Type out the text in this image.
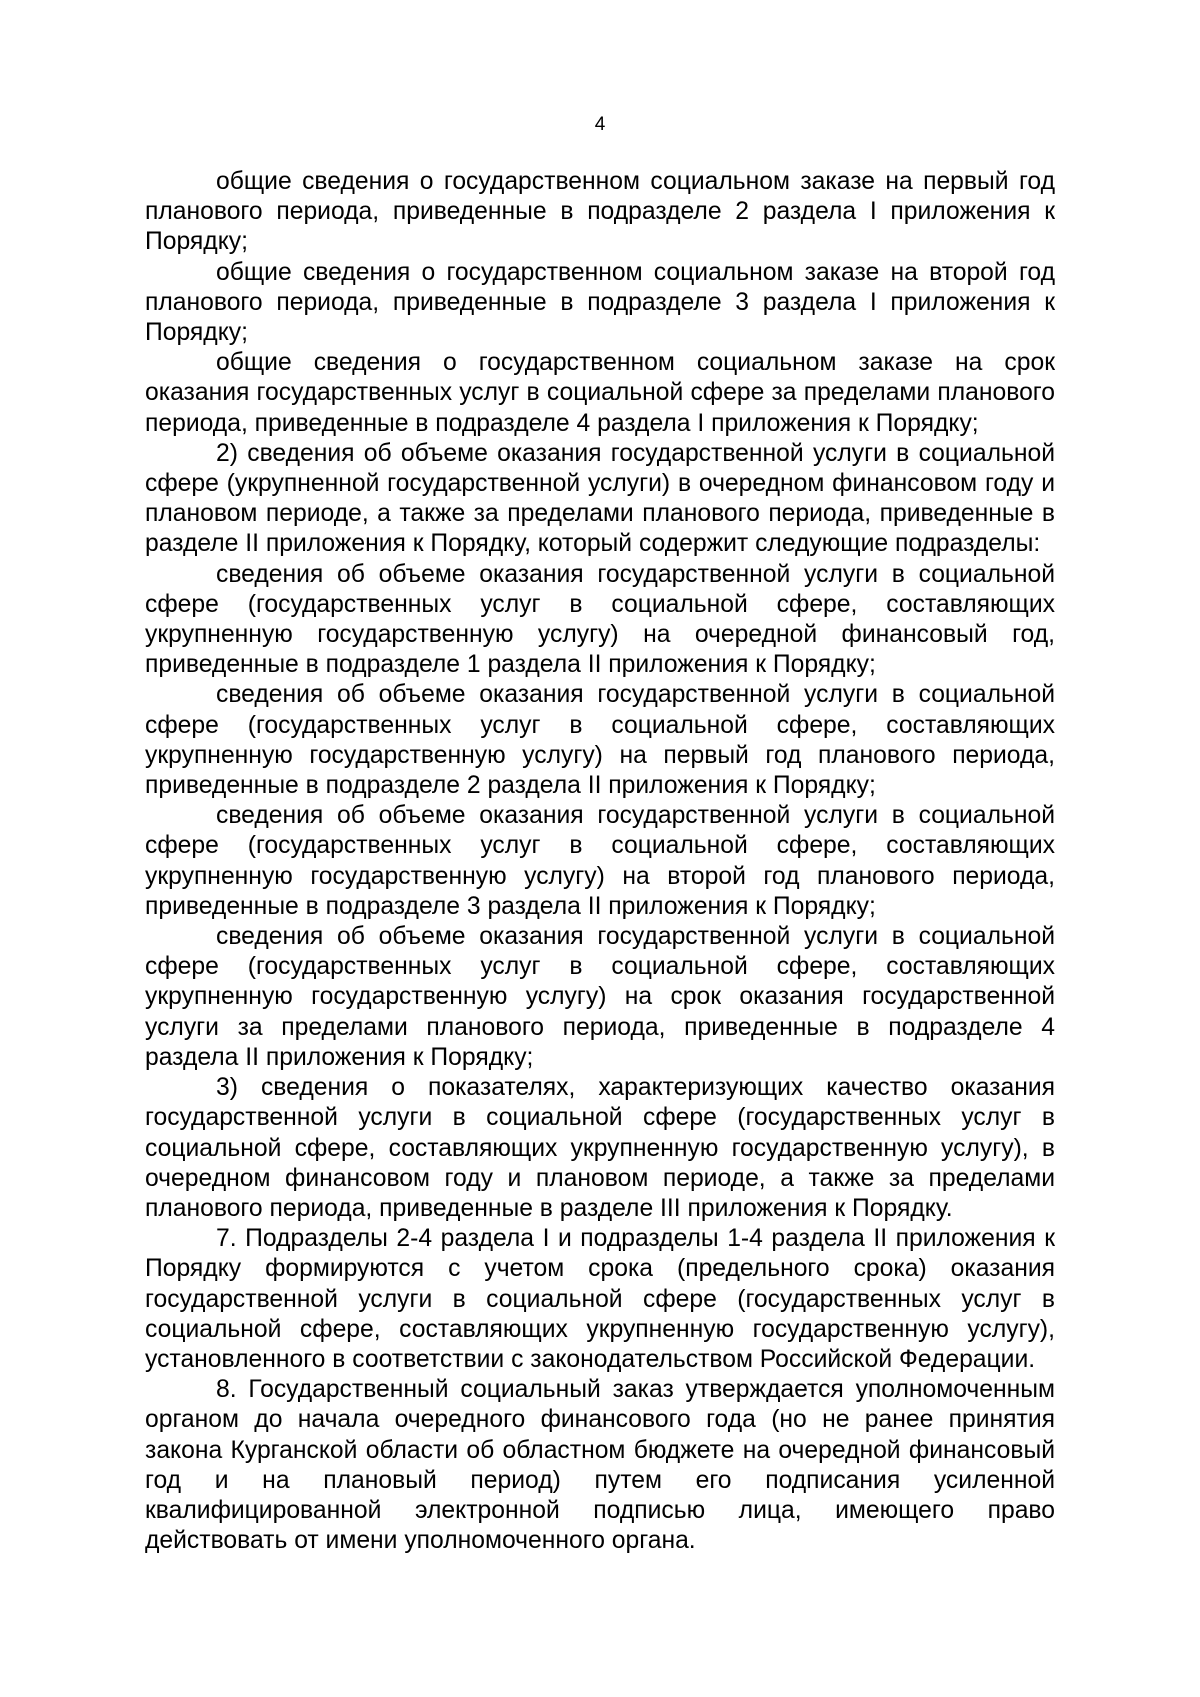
4

общие сведения о государственном социальном заказе на первый год планового периода, приведенные в подразделе 2 раздела I приложения к Порядку;

общие сведения о государственном социальном заказе на второй год планового периода, приведенные в подразделе 3 раздела I приложения к Порядку;

общие сведения о государственном социальном заказе на срок оказания государственных услуг в социальной сфере за пределами планового периода, приведенные в подразделе 4 раздела I приложения к Порядку;

2) сведения об объеме оказания государственной услуги в социальной сфере (укрупненной государственной услуги) в очередном финансовом году и плановом периоде, а также за пределами планового периода, приведенные в разделе II приложения к Порядку, который содержит следующие подразделы:

сведения об объеме оказания государственной услуги в социальной сфере (государственных услуг в социальной сфере, составляющих укрупненную государственную услугу) на очередной финансовый год, приведенные в подразделе 1 раздела II приложения к Порядку;

сведения об объеме оказания государственной услуги в социальной сфере (государственных услуг в социальной сфере, составляющих укрупненную государственную услугу) на первый год планового периода, приведенные в подразделе 2 раздела II приложения к Порядку;

сведения об объеме оказания государственной услуги в социальной сфере (государственных услуг в социальной сфере, составляющих укрупненную государственную услугу) на второй год планового периода, приведенные в подразделе 3 раздела II приложения к Порядку;

сведения об объеме оказания государственной услуги в социальной сфере (государственных услуг в социальной сфере, составляющих укрупненную государственную услугу) на срок оказания государственной услуги за пределами планового периода, приведенные в подразделе 4 раздела II приложения к Порядку;

3) сведения о показателях, характеризующих качество оказания государственной услуги в социальной сфере (государственных услуг в социальной сфере, составляющих укрупненную государственную услугу), в очередном финансовом году и плановом периоде, а также за пределами планового периода, приведенные в разделе III приложения к Порядку.

7. Подразделы 2-4 раздела I и подразделы 1-4 раздела II приложения к Порядку формируются с учетом срока (предельного срока) оказания государственной услуги в социальной сфере (государственных услуг в социальной сфере, составляющих укрупненную государственную услугу), установленного в соответствии с законодательством Российской Федерации.

8. Государственный социальный заказ утверждается уполномоченным органом до начала очередного финансового года (но не ранее принятия закона Курганской области об областном бюджете на очередной финансовый год и на плановый период) путем его подписания усиленной квалифицированной электронной подписью лица, имеющего право действовать от имени уполномоченного органа.
